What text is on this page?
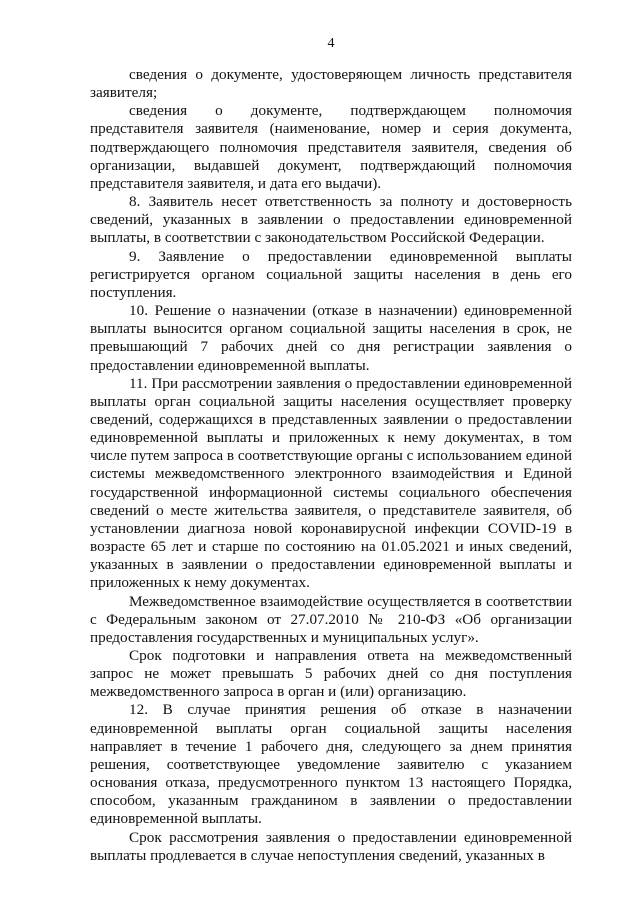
4

сведения о документе, удостоверяющем личность представителя заявителя;

сведения о документе, подтверждающем полномочия представителя заявителя (наименование, номер и серия документа, подтверждающего полномочия представителя заявителя, сведения об организации, выдавшей документ, подтверждающий полномочия представителя заявителя, и дата его выдачи).

8. Заявитель несет ответственность за полноту и достоверность сведений, указанных в заявлении о предоставлении единовременной выплаты, в соответствии с законодательством Российской Федерации.

9. Заявление о предоставлении единовременной выплаты регистрируется органом социальной защиты населения в день его поступления.

10. Решение о назначении (отказе в назначении) единовременной выплаты выносится органом социальной защиты населения в срок, не превышающий 7 рабочих дней со дня регистрации заявления о предоставлении единовременной выплаты.

11. При рассмотрении заявления о предоставлении единовременной выплаты орган социальной защиты населения осуществляет проверку сведений, содержащихся в представленных заявлении о предоставлении единовременной выплаты и приложенных к нему документах, в том числе путем запроса в соответствующие органы с использованием единой системы межведомственного электронного взаимодействия и Единой государственной информационной системы социального обеспечения сведений о месте жительства заявителя, о представителе заявителя, об установлении диагноза новой коронавирусной инфекции COVID-19 в возрасте 65 лет и старше по состоянию на 01.05.2021 и иных сведений, указанных в заявлении о предоставлении единовременной выплаты и приложенных к нему документах.

Межведомственное взаимодействие осуществляется в соответствии с Федеральным законом от 27.07.2010 № 210-ФЗ «Об организации предоставления государственных и муниципальных услуг».

Срок подготовки и направления ответа на межведомственный запрос не может превышать 5 рабочих дней со дня поступления межведомственного запроса в орган и (или) организацию.

12. В случае принятия решения об отказе в назначении единовременной выплаты орган социальной защиты населения направляет в течение 1 рабочего дня, следующего за днем принятия решения, соответствующее уведомление заявителю с указанием основания отказа, предусмотренного пунктом 13 настоящего Порядка, способом, указанным гражданином в заявлении о предоставлении единовременной выплаты.

Срок рассмотрения заявления о предоставлении единовременной выплаты продлевается в случае непоступления сведений, указанных в
